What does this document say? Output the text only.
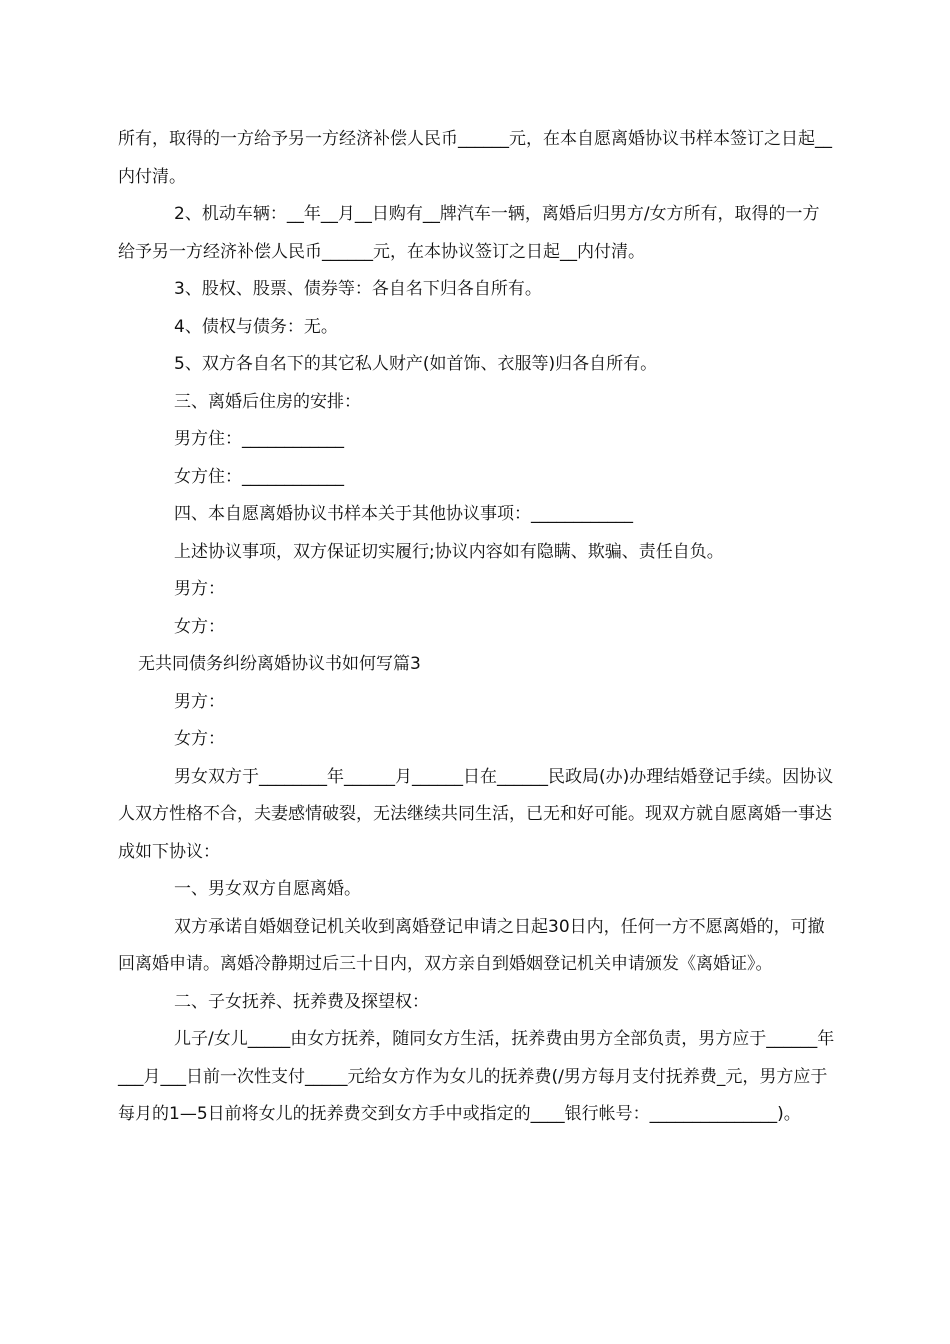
所有，取得的一方给予另一方经济补偿人民币______元，在本自愿离婚协议书样本签订之日起__内付清。

2、机动车辆：__年__月__日购有__牌汽车一辆，离婚后归男方/女方所有，取得的一方给予另一方经济补偿人民币______元，在本协议签订之日起__内付清。

3、股权、股票、债券等：各自名下归各自所有。

4、债权与债务：无。

5、双方各自名下的其它私人财产(如首饰、衣服等)归各自所有。

三、离婚后住房的安排：

男方住：____________

女方住：____________

四、本自愿离婚协议书样本关于其他协议事项：____________

上述协议事项，双方保证切实履行;协议内容如有隐瞒、欺骗、责任自负。

男方：

女方：

无共同债务纠纷离婚协议书如何写篇3

男方：

女方：

男女双方于________年______月______日在______民政局(办)办理结婚登记手续。因协议人双方性格不合，夫妻感情破裂，无法继续共同生活，已无和好可能。现双方就自愿离婚一事达成如下协议：

一、男女双方自愿离婚。

双方承诺自婚姻登记机关收到离婚登记申请之日起30日内，任何一方不愿离婚的，可撤回离婚申请。离婚冷静期过后三十日内，双方亲自到婚姻登记机关申请颁发《离婚证》。

二、子女抚养、抚养费及探望权：

儿子/女儿_____由女方抚养，随同女方生活，抚养费由男方全部负责，男方应于______年___月___日前一次性支付_____元给女方作为女儿的抚养费(/男方每月支付抚养费_元，男方应于每月的1—5日前将女儿的抚养费交到女方手中或指定的____银行帐号：_______________)。
